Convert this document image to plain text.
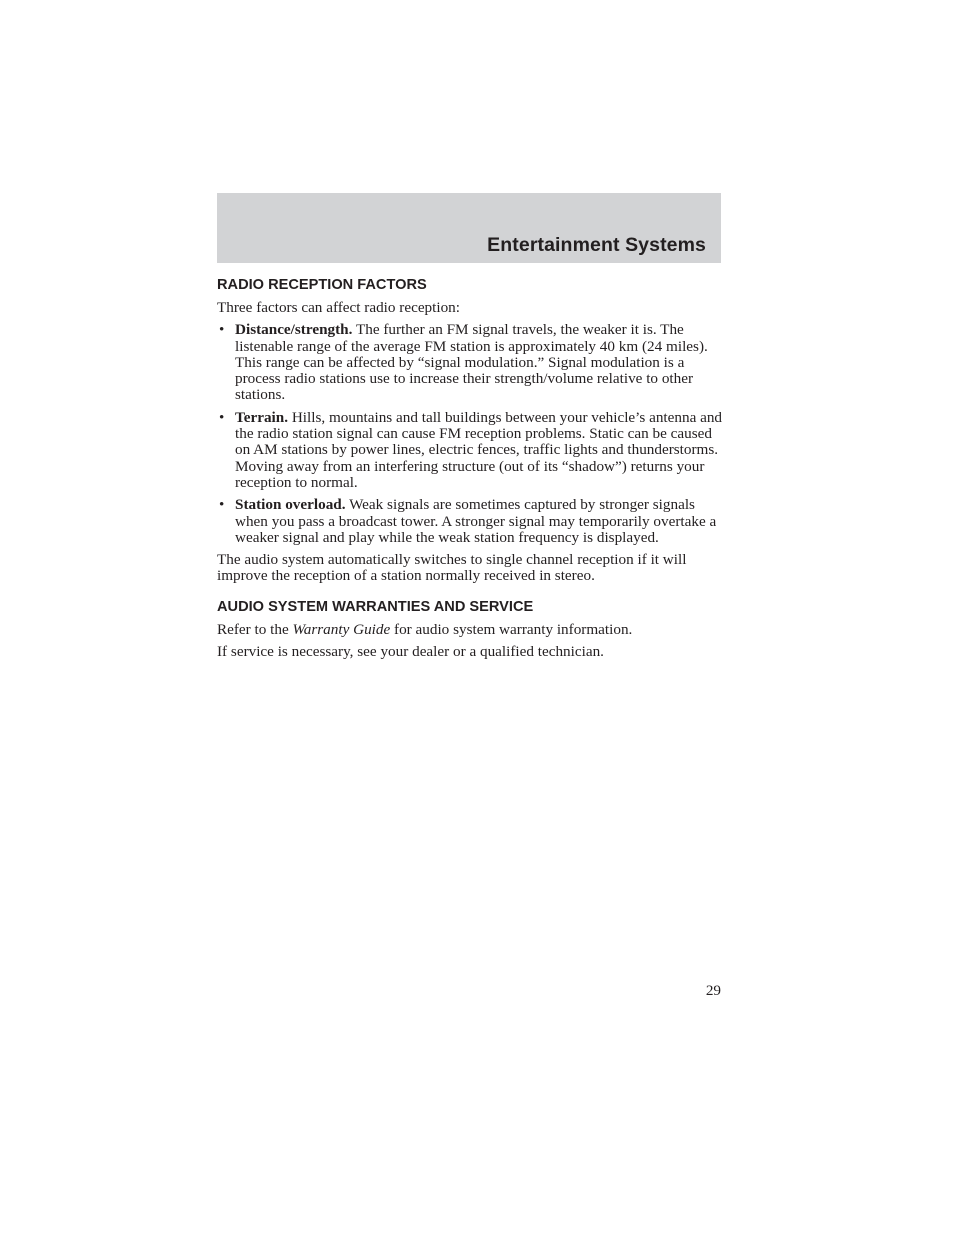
Entertainment Systems
RADIO RECEPTION FACTORS

Three factors can affect radio reception:

• Distance/strength. The further an FM signal travels, the weaker it is. The listenable range of the average FM station is approximately 40 km (24 miles). This range can be affected by “signal modulation.” Signal modulation is a process radio stations use to increase their strength/volume relative to other stations.
• Terrain. Hills, mountains and tall buildings between your vehicle’s antenna and the radio station signal can cause FM reception problems. Static can be caused on AM stations by power lines, electric fences, traffic lights and thunderstorms. Moving away from an interfering structure (out of its “shadow”) returns your reception to normal.
• Station overload. Weak signals are sometimes captured by stronger signals when you pass a broadcast tower. A stronger signal may temporarily overtake a weaker signal and play while the weak station frequency is displayed.

The audio system automatically switches to single channel reception if it will improve the reception of a station normally received in stereo.

AUDIO SYSTEM WARRANTIES AND SERVICE

Refer to the Warranty Guide for audio system warranty information.

If service is necessary, see your dealer or a qualified technician.

29
